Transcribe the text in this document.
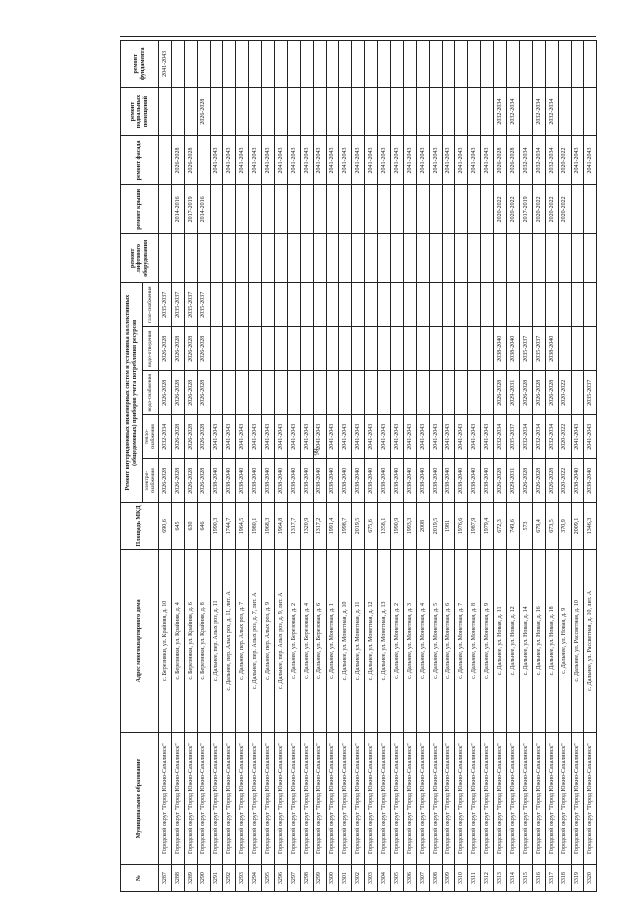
86
№	Муниципальное образование	Адрес многоквартирного дома	Площадь МКД	Ремонт внутридомовых инженерных систем и установка коллективных (общедомовых) приборов учета потребления ресурсов					ремонт лифтового оборудования	ремонт крыши	ремонт фасада	ремонт подвальных помещений	ремонт фундамента
				электро-снабжения	тепло-снабжения	водо-снабжения	водо-отведения	газо-снабжения					
3287	Городской округ "Город Южно-Сахалинск"	с. Березняки, ул. Крайняя, д. 10	690,6	2026-2028	2032-2034	2026-2028	2026-2028	2035-2037					2041-2043
3288	Городской округ "Город Южно-Сахалинск"	с. Березняки, ул. Крайняя, д. 4	645	2026-2028	2026-2028	2026-2028	2026-2028	2035-2037		2014-2016	2026-2028		
3289	Городской округ "Город Южно-Сахалинск"	с. Березняки, ул. Крайняя, д. 6	630	2026-2028	2026-2028	2026-2028	2026-2028	2035-2037		2017-2019	2026-2028		
3290	Городской округ "Город Южно-Сахалинск"	с. Березняки, ул. Крайняя, д. 8	646	2026-2028	2026-2028	2026-2028	2026-2028	2035-2037		2014-2016		2026-2028	
3291	Городской округ "Город Южно-Сахалинск"	с. Дальнее, пер. Алых роз, д. 11	1990,3	2038-2040	2041-2043						2041-2043		
3292	Городской округ "Город Южно-Сахалинск"	с. Дальнее, пер. Алых роз, д. 11, лит. А	1744,7	2038-2040	2041-2043						2041-2043		
3293	Городской округ "Город Южно-Сахалинск"	с. Дальнее, пер. Алых роз, д. 7	1964,5	2038-2040	2041-2043						2041-2043		
3294	Городской округ "Город Южно-Сахалинск"	с. Дальнее, пер. Алых роз, д. 7, лит. А	1980,1	2038-2040	2041-2043						2041-2043		
3295	Городской округ "Город Южно-Сахалинск"	с. Дальнее, пер. Алых роз, д. 9	1968,3	2038-2040	2041-2043						2041-2043		
3296	Городской округ "Город Южно-Сахалинск"	с. Дальнее, пер. Алых роз, д. 9, лит. А	1964,8	2038-2040	2041-2043						2041-2043		
3297	Городской округ "Город Южно-Сахалинск"	с. Дальнее, ул. Березовая, д. 2	1317,7	2038-2040	2041-2043						2041-2043		
3298	Городской округ "Город Южно-Сахалинск"	с. Дальнее, ул. Березовая, д. 4	1320,9	2038-2040	2041-2043						2041-2043		
3299	Городской округ "Город Южно-Сахалинск"	с. Дальнее, ул. Березовая, д. 6	1317,2	2038-2040	2041-2043						2041-2043		
3300	Городской округ "Город Южно-Сахалинск"	с. Дальнее, ул. Монетная, д. 1	1991,4	2038-2040	2041-2043						2041-2043		
3301	Городской округ "Город Южно-Сахалинск"	с. Дальнее, ул. Монетная, д. 10	1998,7	2038-2040	2041-2043						2041-2043		
3302	Городской округ "Город Южно-Сахалинск"	с. Дальнее, ул. Монетная, д. 11	2019,5	2038-2040	2041-2043						2041-2043		
3303	Городской округ "Город Южно-Сахалинск"	с. Дальнее, ул. Монетная, д. 12	675,6	2038-2040	2041-2043						2041-2043		
3304	Городской округ "Город Южно-Сахалинск"	с. Дальнее, ул. Монетная, д. 13	1358,1	2038-2040	2041-2043						2041-2043		
3305	Городской округ "Город Южно-Сахалинск"	с. Дальнее, ул. Монетная, д. 2	1990,9	2038-2040	2041-2043						2041-2043		
3306	Городской округ "Город Южно-Сахалинск"	с. Дальнее, ул. Монетная, д. 3	1993,3	2038-2040	2041-2043						2041-2043		
3307	Городской округ "Город Южно-Сахалинск"	с. Дальнее, ул. Монетная, д. 4	2008	2038-2040	2041-2043						2041-2043		
3308	Городской округ "Город Южно-Сахалинск"	с. Дальнее, ул. Монетная, д. 5	2019,5	2038-2040	2041-2043						2041-2043		
3309	Городской округ "Город Южно-Сахалинск"	с. Дальнее, ул. Монетная, д. 6	1981	2038-2040	2041-2043						2041-2043		
3310	Городской округ "Город Южно-Сахалинск"	с. Дальнее, ул. Монетная, д. 7	1976,6	2038-2040	2041-2043						2041-2043		
3311	Городской округ "Город Южно-Сахалинск"	с. Дальнее, ул. Монетная, д. 8	1987,9	2038-2040	2041-2043						2041-2043		
3312	Городской округ "Город Южно-Сахалинск"	с. Дальнее, ул. Монетная, д. 9	1979,4	2038-2040	2041-2043						2041-2043		
3313	Городской округ "Город Южно-Сахалинск"	с. Дальнее, ул. Новая, д. 11	672,3	2026-2028	2032-2034	2026-2028	2038-2040			2020-2022	2026-2028	2032-2034	
3314	Городской округ "Город Южно-Сахалинск"	с. Дальнее, ул. Новая, д. 12	749,6	2029-2031	2035-2037	2029-2031	2038-2040			2020-2022	2026-2028	2032-2034	
3315	Городской округ "Город Южно-Сахалинск"	с. Дальнее, ул. Новая, д. 14	573	2026-2028	2032-2034	2026-2028	2035-2037			2017-2019	2032-2034		
3316	Городской округ "Город Южно-Сахалинск"	с. Дальнее, ул. Новая, д. 16	679,4	2026-2028	2032-2034	2026-2028	2035-2037			2020-2022	2032-2034	2032-2034	
3317	Городской округ "Город Южно-Сахалинск"	с. Дальнее, ул. Новая, д. 18	673,5	2026-2028	2032-2034	2026-2028	2038-2040			2020-2022	2032-2034	2032-2034	
3318	Городской округ "Город Южно-Сахалинск"	с. Дальнее, ул. Новая, д. 9	370,9	2020-2022	2020-2022	2020-2022				2020-2022	2020-2022		
3319	Городской округ "Город Южно-Сахалинск"	с. Дальнее, ул. Рассветная, д. 10	2009,1	2038-2040	2041-2043						2041-2043		
3320	Городской округ "Город Южно-Сахалинск"	с. Дальнее, ул. Рассветная, д. 10, лит. А	1346,3	2038-2040	2041-2043	2035-2037					2041-2043		
